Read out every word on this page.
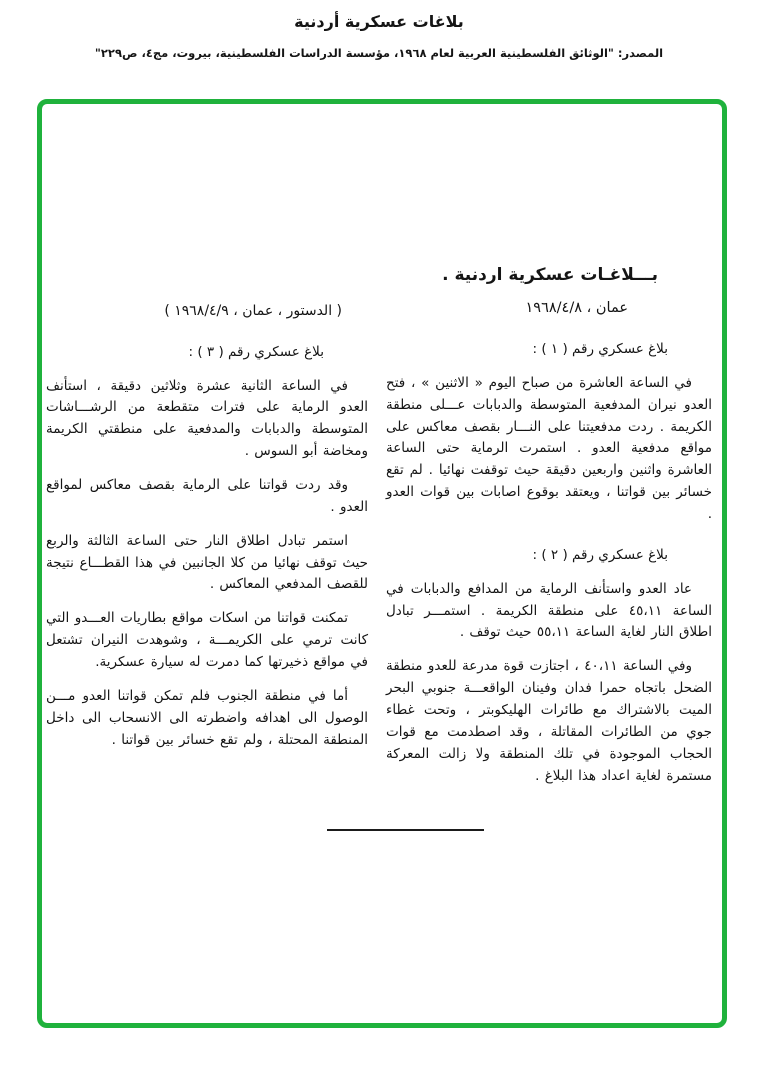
بلاغات عسكرية أردنية
المصدر: "الوثائق الفلسطينية العربية لعام ١٩٦٨، مؤسسة الدراسات الفلسطينية، بيروت، مج٤، ص٢٢٩"
بـــلاغـات عسكرية اردنية .
عمان ، ١٩٦٨/٤/٨
بلاغ عسكري رقم ( ١ ) :
في الساعة العاشرة من صباح اليوم « الاثنين » ، فتح العدو نيران المدفعية المتوسطة والدبابات عـــلى منطقة الكريمة . ردت مدفعيتنا على النـــار بقصف معاكس على مواقع مدفعية العدو . استمرت الرماية حتى الساعة العاشرة واثنين واربعين دقيقة حيث توقفت نهائيا . لم تقع خسائر بين قواتنا ، ويعتقد بوقوع اصابات بين قوات العدو .
بلاغ عسكري رقم ( ٢ ) :
عاد العدو واستأنف الرماية من المدافع والدبابات في الساعة ٤٥،١١ على منطقة الكريمة . استمـــر تبادل اطلاق النار لغاية الساعة ٥٥،١١ حيث توقف .
وفي الساعة ٤٠،١١ ، اجتازت قوة مدرعة للعدو منطقة الضحل باتجاه حمرا فدان وفينان الواقعـــة جنوبي البحر الميت بالاشتراك مع طائرات الهليكوبتر ، وتحت غطاء جوي من الطائرات المقاتلة ، وقد اصطدمت مع قوات الحجاب الموجودة في تلك المنطقة ولا زالت المعركة مستمرة لغاية اعداد هذا البلاغ .
( الدستور ، عمان ، ١٩٦٨/٤/٩ )
بلاغ عسكري رقم ( ٣ ) :
في الساعة الثانية عشرة وثلاثين دقيقة ، استأنف العدو الرماية على فترات متقطعة من الرشـــاشات المتوسطة والدبابات والمدفعية على منطقتي الكريمة ومخاضة أبو السوس .
وقد ردت قواتنا على الرماية بقصف معاكس لمواقع العدو .
استمر تبادل اطلاق النار حتى الساعة الثالثة والربع حيث توقف نهائيا من كلا الجانبين في هذا القطـــاع نتيجة للقصف المدفعي المعاكس .
تمكنت قواتنا من اسكات مواقع بطاريات العـــدو التي كانت ترمي على الكريمـــة ، وشوهدت النيران تشتعل في مواقع ذخيرتها كما دمرت له سيارة عسكرية.
أما في منطقة الجنوب فلم تمكن قواتنا العدو مـــن الوصول الى اهدافه واضطرته الى الانسحاب الى داخل المنطقة المحتلة ، ولم تقع خسائر بين قواتنا .
